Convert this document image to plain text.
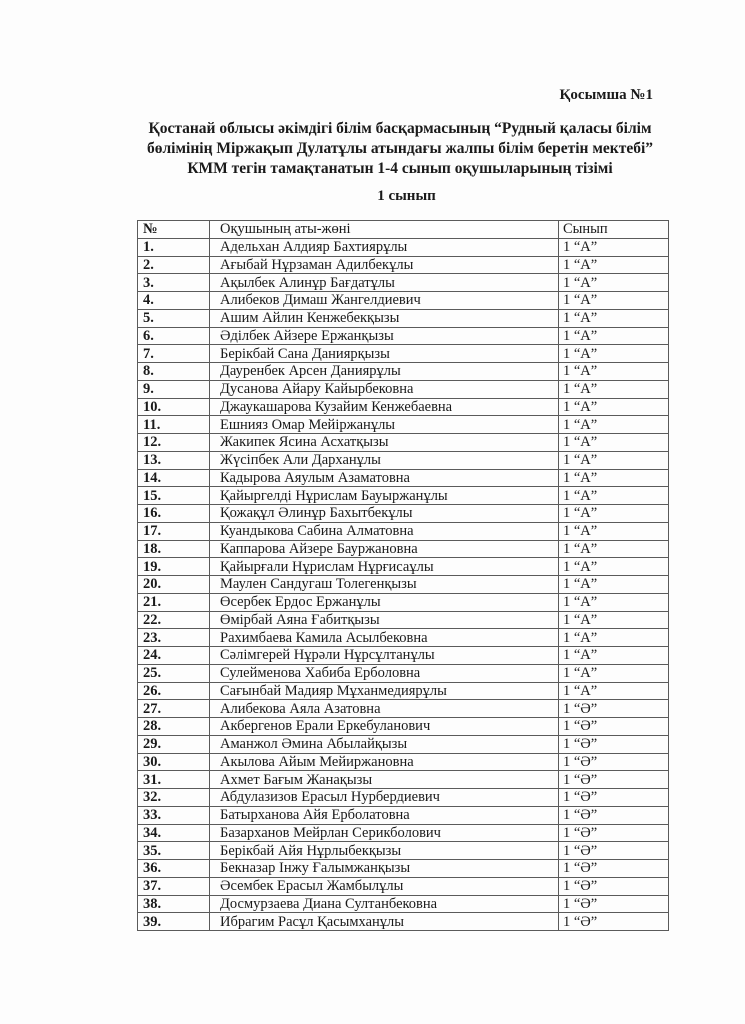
Қосымша №1
Қостанай облысы әкімдігі білім басқармасының “Рудный қаласы білім
бөлімінің Міржақып Дулатұлы атындағы жалпы білім беретін мектебі”
КММ тегін тамақтанатын 1-4 сынып оқушыларының тізімі
1 сынып
№	Оқушының аты-жөні	Сынып
1.	Адельхан Алдияр Бахтиярұлы	1 “А”
2.	Ағыбай Нұрзаман Адилбекұлы	1 “А”
3.	Ақылбек Алинұр Бағдатұлы	1 “А”
4.	Алибеков Димаш Жангелдиевич	1 “А”
5.	Ашим Айлин Кенжебекқызы	1 “А”
6.	Әділбек Айзере Ержанқызы	1 “А”
7.	Берікбай Сана Даниярқызы	1 “А”
8.	Дауренбек Арсен Даниярұлы	1 “А”
9.	Дусанова Айару Кайырбековна	1 “А”
10.	Джаукашарова Кузайим Кенжебаевна	1 “А”
11.	Ешнияз Омар Мейіржанұлы	1 “А”
12.	Жакипек Ясина Асхатқызы	1 “А”
13.	Жүсіпбек Али Дарханұлы	1 “А”
14.	Кадырова Аяулым Азаматовна	1 “А”
15.	Қайыргелді Нұрислам Бауыржанұлы	1 “А”
16.	Қожақұл Әлинұр Бахытбекұлы	1 “А”
17.	Куандыкова Сабина Алматовна	1 “А”
18.	Каппарова Айзере Бауржановна	1 “А”
19.	Қайырғали Нұрислам Нұрғисаұлы	1 “А”
20.	Маулен Сандугаш Толегенқызы	1 “А”
21.	Өсербек Ердос Ержанұлы	1 “А”
22.	Өмірбай Аяна Ғабитқызы	1 “А”
23.	Рахимбаева Камила Асылбековна	1 “А”
24.	Сәлімгерей Нұрәли Нұрсұлтанұлы	1 “А”
25.	Сулейменова Хабиба Ерболовна	1 “А”
26.	Сағынбай Мадияр Мұханмедиярұлы	1 “А”
27.	Алибекова Аяла Азатовна	1 “Ә”
28.	Акбергенов Ерали Еркебуланович	1 “Ә”
29.	Аманжол Әмина Абылайқызы	1 “Ә”
30.	Акылова Айым Мейиржановна	1 “Ә”
31.	Ахмет Бағым Жанақызы	1 “Ә”
32.	Абдулазизов Ерасыл Нурбердиевич	1 “Ә”
33.	Батырханова Айя Ерболатовна	1 “Ә”
34.	Базарханов Мейрлан Серикболович	1 “Ә”
35.	Берікбай Айя Нұрлыбекқызы	1 “Ә”
36.	Бекназар Інжу Ғалымжанқызы	1 “Ә”
37.	Әсембек Ерасыл Жамбылұлы	1 “Ә”
38.	Досмурзаева Диана Султанбековна	1 “Ә”
39.	Ибрагим Расұл Қасымханұлы	1 “Ә”
